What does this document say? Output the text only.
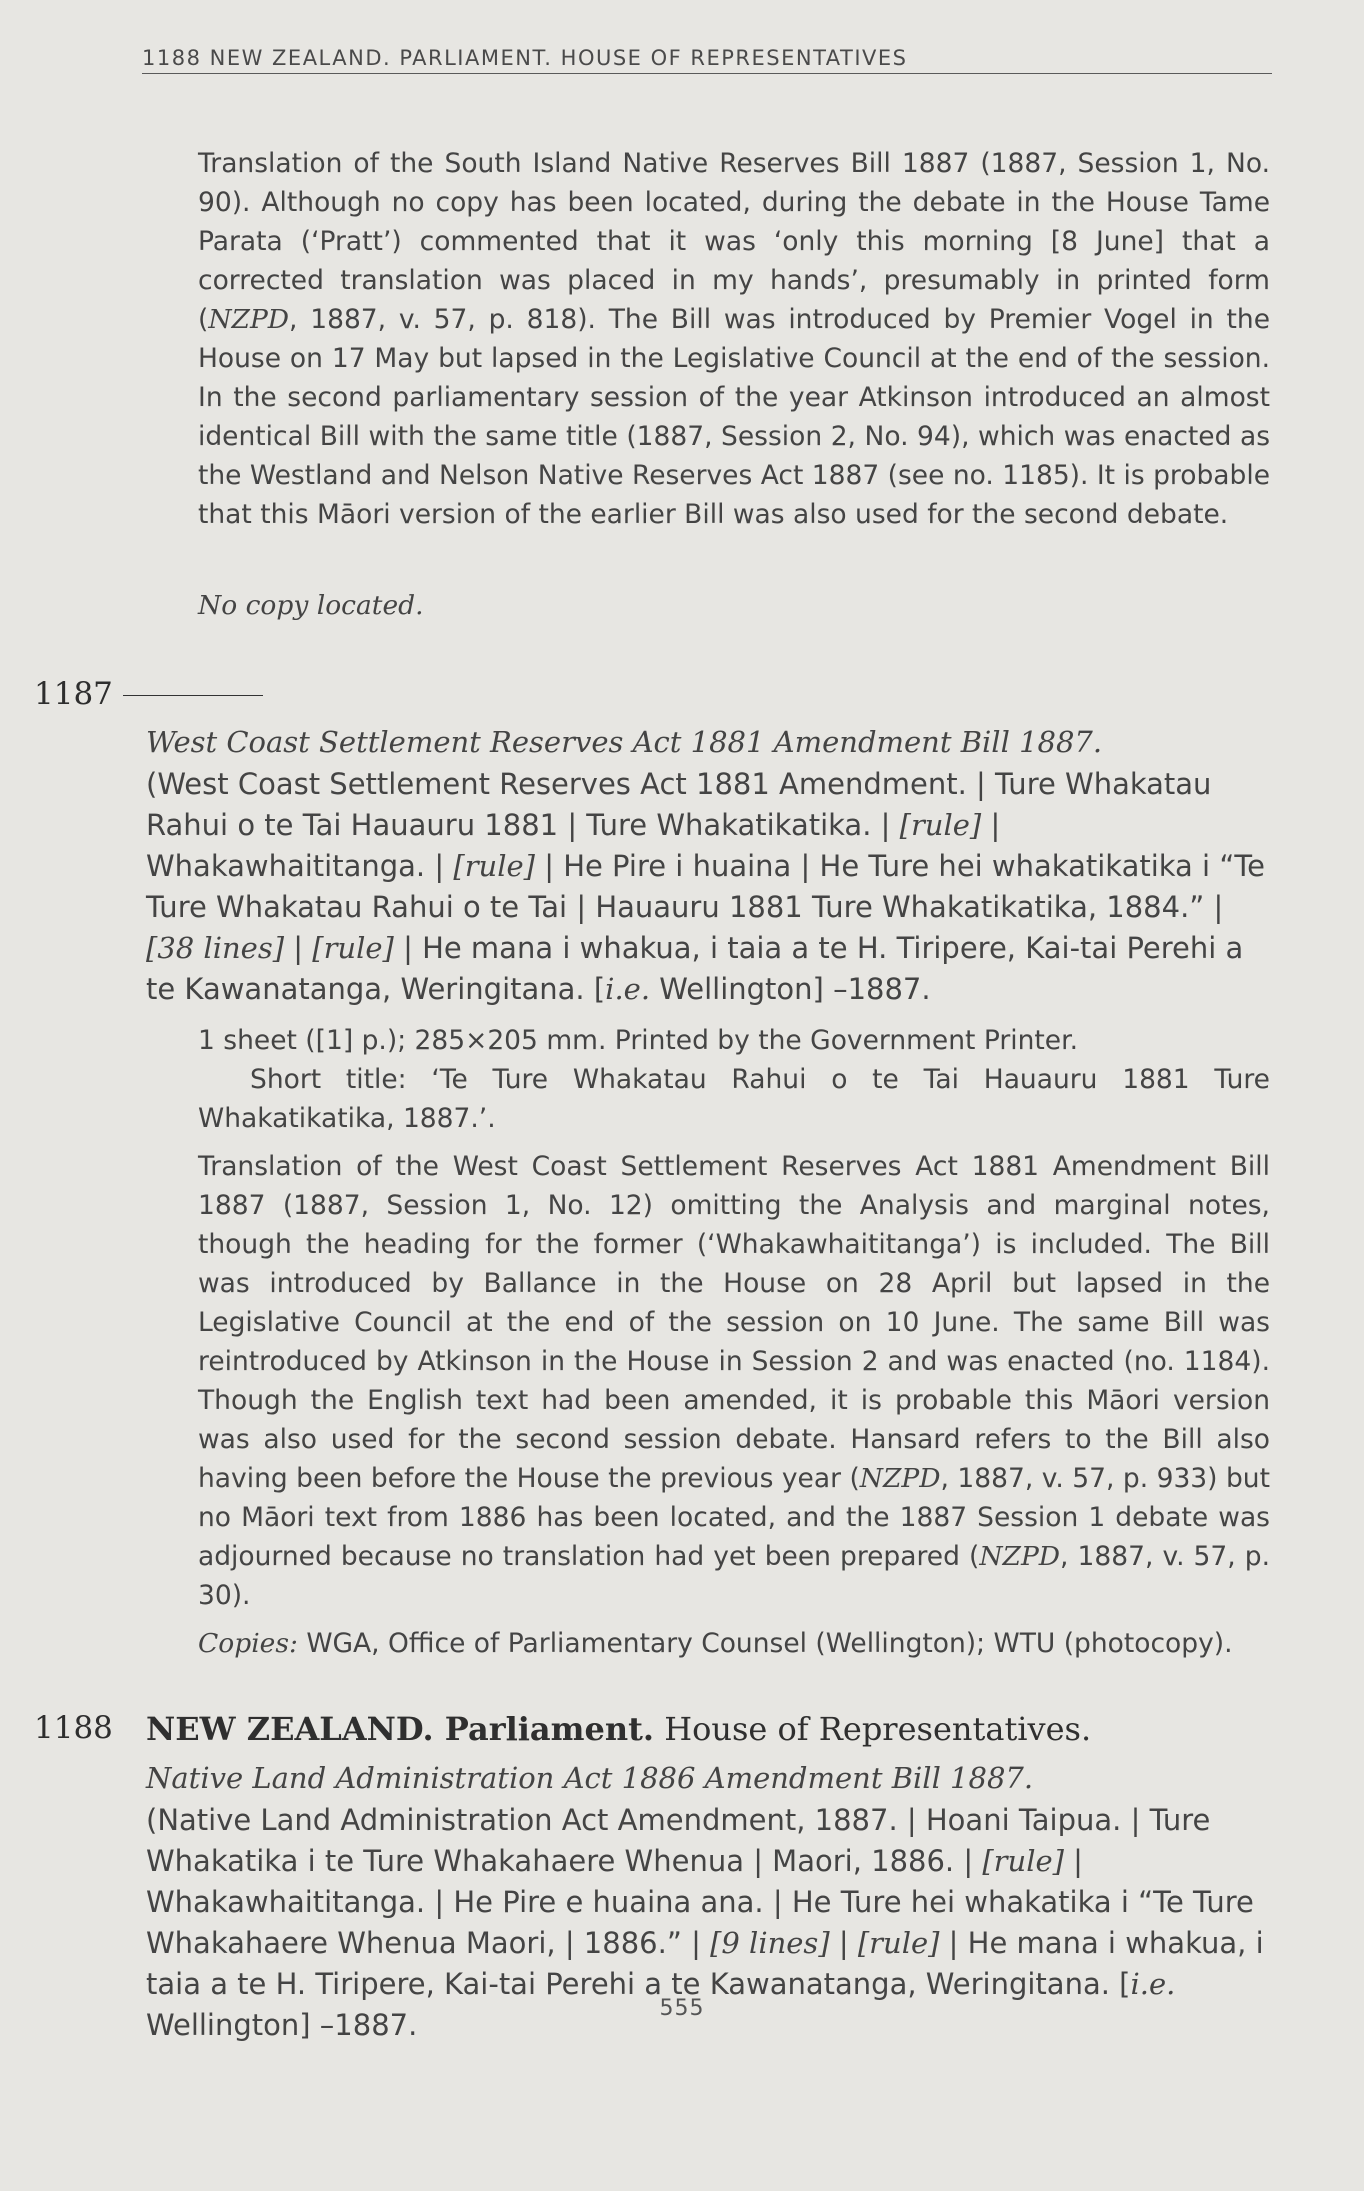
1188 NEW ZEALAND. PARLIAMENT. HOUSE OF REPRESENTATIVES
Translation of the South Island Native Reserves Bill 1887 (1887, Session 1, No. 90). Although no copy has been located, during the debate in the House Tame Parata (‘Pratt’) commented that it was ‘only this morning [8 June] that a corrected translation was placed in my hands’, presumably in printed form (NZPD, 1887, v. 57, p. 818). The Bill was introduced by Premier Vogel in the House on 17 May but lapsed in the Legislative Council at the end of the session. In the second parliamentary session of the year Atkinson introduced an almost identical Bill with the same title (1887, Session 2, No. 94), which was enacted as the Westland and Nelson Native Reserves Act 1887 (see no. 1185). It is probable that this Māori version of the earlier Bill was also used for the second debate.
No copy located.
1187
West Coast Settlement Reserves Act 1881 Amendment Bill 1887.
(West Coast Settlement Reserves Act 1881 Amendment. | Ture Whakatau Rahui o te Tai Hauauru 1881 | Ture Whakatikatika. | [rule] | Whakawhaititanga. | [rule] | He Pire i huaina | He Ture hei whakatikatika i “Te Ture Whakatau Rahui o te Tai | Hauauru 1881 Ture Whakatikatika, 1884.” | [38 lines] | [rule] | He mana i whakua, i taia a te H. Tiripere, Kai-tai Perehi a te Kawanatanga, Weringitana. [i.e. Wellington] –1887.
1 sheet ([1] p.); 285×205 mm. Printed by the Government Printer.
Short title: ‘Te Ture Whakatau Rahui o te Tai Hauauru 1881 Ture Whakatikatika, 1887.’.
Translation of the West Coast Settlement Reserves Act 1881 Amendment Bill 1887 (1887, Session 1, No. 12) omitting the Analysis and marginal notes, though the heading for the former (‘Whakawhaititanga’) is included. The Bill was introduced by Ballance in the House on 28 April but lapsed in the Legislative Council at the end of the session on 10 June. The same Bill was reintroduced by Atkinson in the House in Session 2 and was enacted (no. 1184). Though the English text had been amended, it is probable this Māori version was also used for the second session debate. Hansard refers to the Bill also having been before the House the previous year (NZPD, 1887, v. 57, p. 933) but no Māori text from 1886 has been located, and the 1887 Session 1 debate was adjourned because no translation had yet been prepared (NZPD, 1887, v. 57, p. 30).
Copies: WGA, Office of Parliamentary Counsel (Wellington); WTU (photocopy).
1188 NEW ZEALAND. Parliament. House of Representatives.
Native Land Administration Act 1886 Amendment Bill 1887.
(Native Land Administration Act Amendment, 1887. | Hoani Taipua. | Ture Whakatika i te Ture Whakahaere Whenua | Maori, 1886. | [rule] | Whakawhaititanga. | He Pire e huaina ana. | He Ture hei whakatika i “Te Ture Whakahaere Whenua Maori, | 1886.” | [9 lines] | [rule] | He mana i whakua, i taia a te H. Tiripere, Kai-tai Perehi a te Kawanatanga, Weringitana. [i.e. Wellington] –1887.	555
